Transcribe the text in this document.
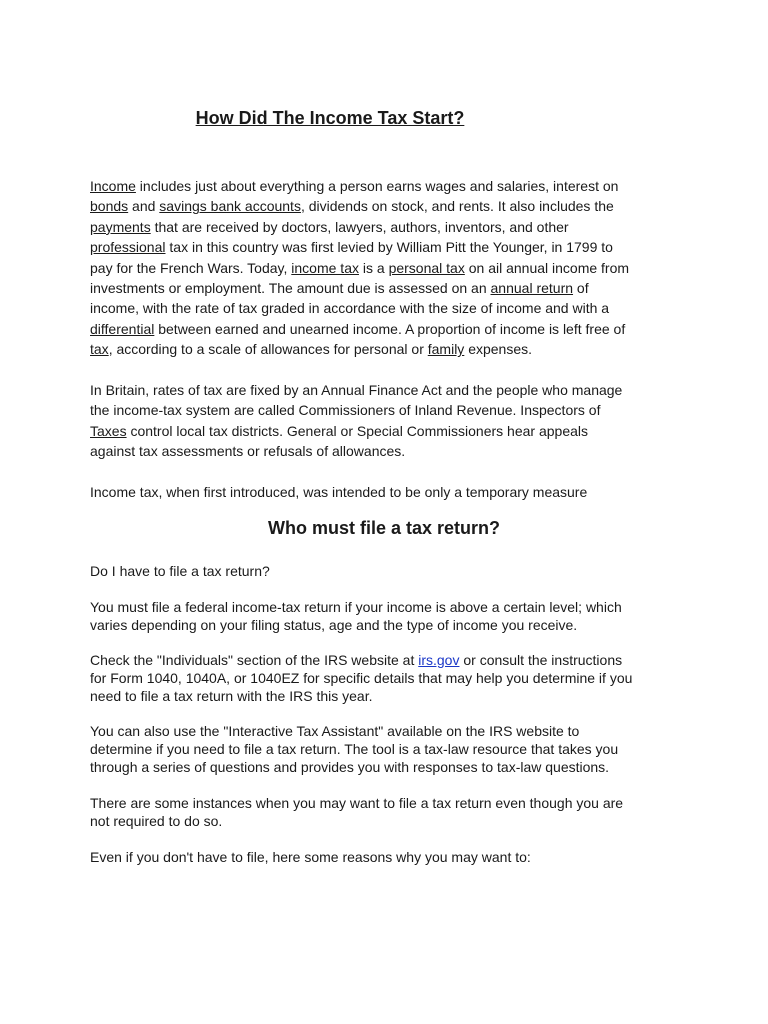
How Did The Income Tax Start?
Income includes just about everything a person earns wages and salaries, interest on
bonds and savings bank accounts, dividends on stock, and rents. It also includes the
payments that are received by doctors, lawyers, authors, inventors, and other
professional tax in this country was first levied by William Pitt the Younger, in 1799 to
pay for the French Wars. Today, income tax is a personal tax on ail annual income from
investments or employment. The amount due is assessed on an annual return of
income, with the rate of tax graded in accordance with the size of income and with a
differential between earned and unearned income. A proportion of income is left free of
tax, according to a scale of allowances for personal or family expenses.
In Britain, rates of tax are fixed by an Annual Finance Act and the people who manage
the income-tax system are called Commissioners of Inland Revenue. Inspectors of
Taxes control local tax districts. General or Special Commissioners hear appeals
against tax assessments or refusals of allowances.
Income tax, when first introduced, was intended to be only a temporary measure
Who must file a tax return?
Do I have to file a tax return?
You must file a federal income-tax return if your income is above a certain level; which
varies depending on your filing status, age and the type of income you receive.
Check the "Individuals" section of the IRS website at irs.gov or consult the instructions
for Form 1040, 1040A, or 1040EZ for specific details that may help you determine if you
need to file a tax return with the IRS this year.
You can also use the "Interactive Tax Assistant" available on the IRS website to
determine if you need to file a tax return. The tool is a tax-law resource that takes you
through a series of questions and provides you with responses to tax-law questions.
There are some instances when you may want to file a tax return even though you are
not required to do so.
Even if you don't have to file, here some reasons why you may want to:
